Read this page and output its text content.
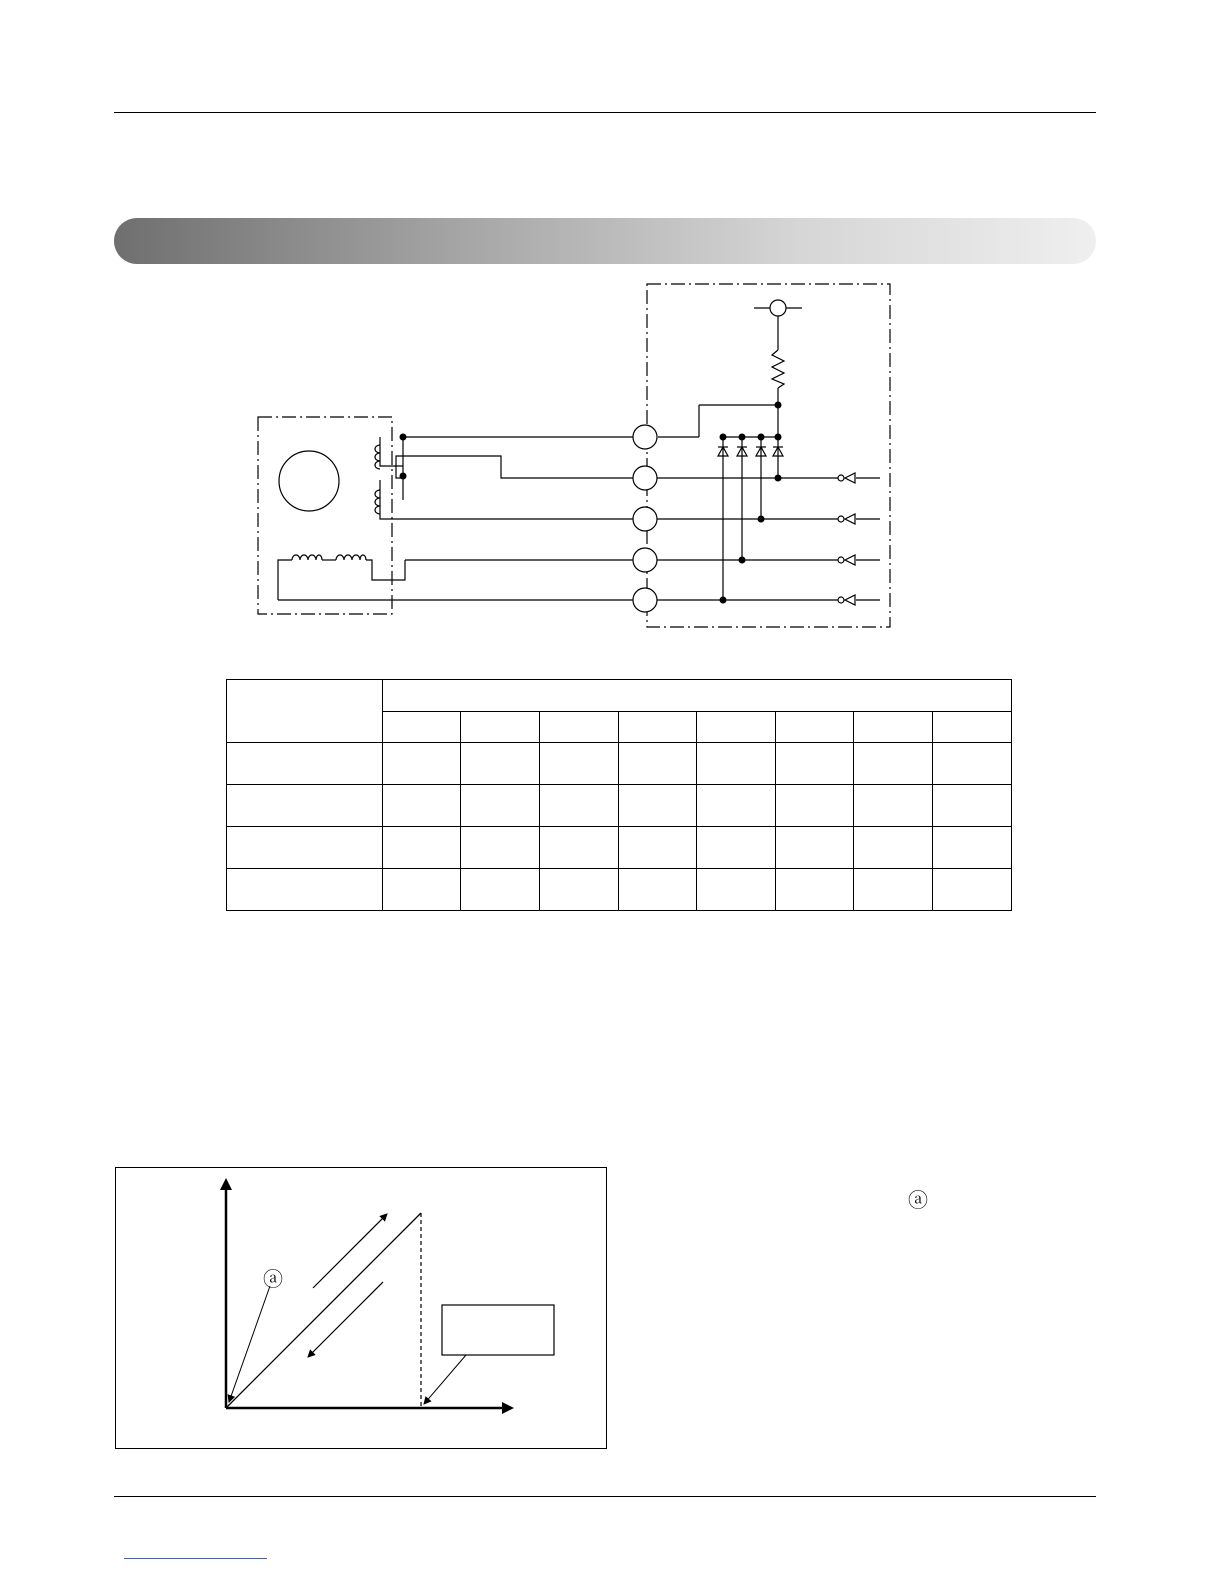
ⓐ
ⓐ
